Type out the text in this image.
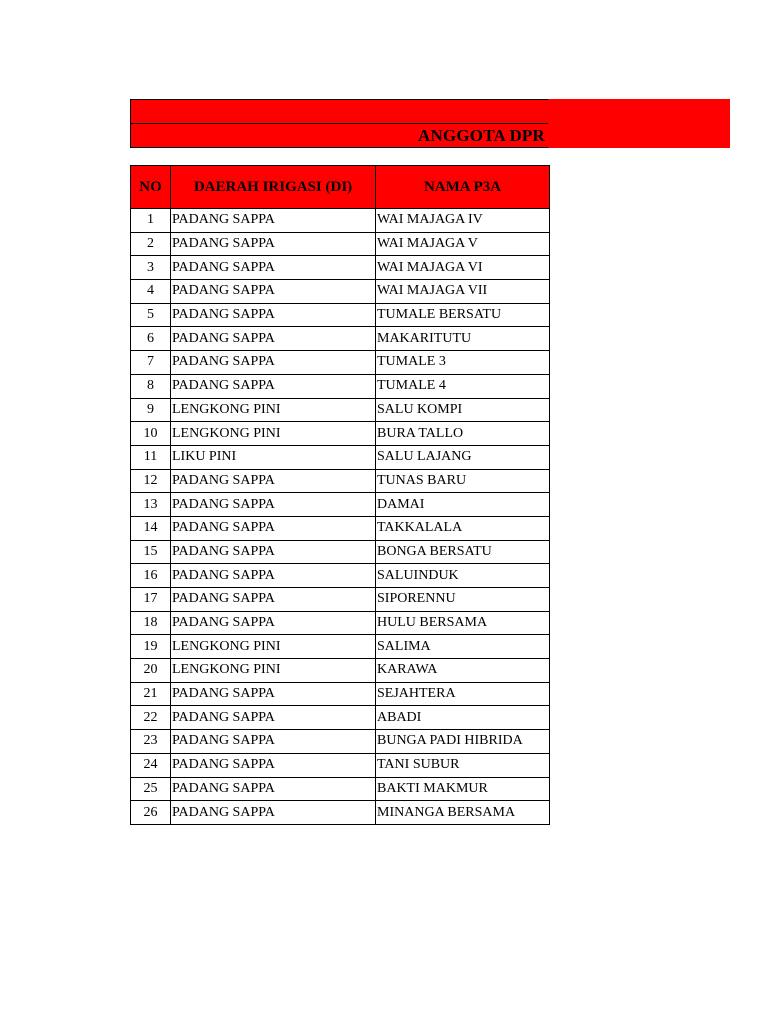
ANGGOTA DPR
NO	DAERAH IRIGASI (DI)	NAMA P3A
1	PADANG SAPPA	WAI MAJAGA IV
2	PADANG SAPPA	WAI MAJAGA V
3	PADANG SAPPA	WAI MAJAGA VI
4	PADANG SAPPA	WAI MAJAGA VII
5	PADANG SAPPA	TUMALE BERSATU
6	PADANG SAPPA	MAKARITUTU
7	PADANG SAPPA	TUMALE 3
8	PADANG SAPPA	TUMALE 4
9	LENGKONG PINI	SALU KOMPI
10	LENGKONG PINI	BURA TALLO
11	LIKU PINI	SALU LAJANG
12	PADANG SAPPA	TUNAS BARU
13	PADANG SAPPA	DAMAI
14	PADANG SAPPA	TAKKALALA
15	PADANG SAPPA	BONGA BERSATU
16	PADANG SAPPA	SALUINDUK
17	PADANG SAPPA	SIPORENNU
18	PADANG SAPPA	HULU BERSAMA
19	LENGKONG PINI	SALIMA
20	LENGKONG PINI	KARAWA
21	PADANG SAPPA	SEJAHTERA
22	PADANG SAPPA	ABADI
23	PADANG SAPPA	BUNGA PADI HIBRIDA
24	PADANG SAPPA	TANI SUBUR
25	PADANG SAPPA	BAKTI MAKMUR
26	PADANG SAPPA	MINANGA BERSAMA
